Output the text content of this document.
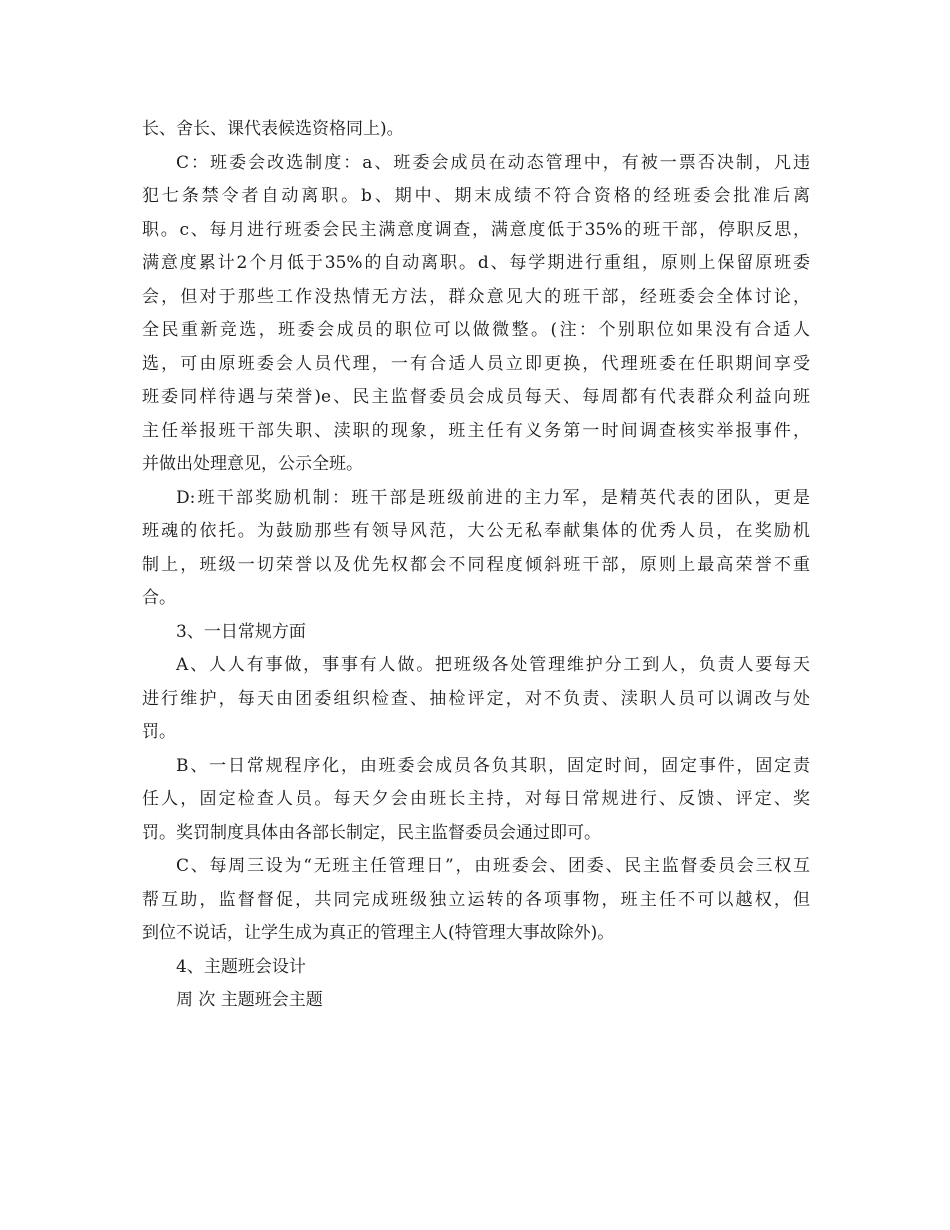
长、舍长、课代表候选资格同上)。
C：班委会改选制度：a、班委会成员在动态管理中，有被一票否决制，凡违
犯七条禁令者自动离职。b、期中、期末成绩不符合资格的经班委会批准后离
职。c、每月进行班委会民主满意度调查，满意度低于35%的班干部，停职反思，
满意度累计2个月低于35%的自动离职。d、每学期进行重组，原则上保留原班委
会，但对于那些工作没热情无方法，群众意见大的班干部，经班委会全体讨论，
全民重新竞选，班委会成员的职位可以做微整。(注：个别职位如果没有合适人
选，可由原班委会人员代理，一有合适人员立即更换，代理班委在任职期间享受
班委同样待遇与荣誉)e、民主监督委员会成员每天、每周都有代表群众利益向班
主任举报班干部失职、渎职的现象，班主任有义务第一时间调查核实举报事件，
并做出处理意见，公示全班。
D:班干部奖励机制：班干部是班级前进的主力军，是精英代表的团队，更是
班魂的依托。为鼓励那些有领导风范，大公无私奉献集体的优秀人员，在奖励机
制上，班级一切荣誉以及优先权都会不同程度倾斜班干部，原则上最高荣誉不重
合。
3、一日常规方面
A、人人有事做，事事有人做。把班级各处管理维护分工到人，负责人要每天
进行维护，每天由团委组织检查、抽检评定，对不负责、渎职人员可以调改与处
罚。
B、一日常规程序化，由班委会成员各负其职，固定时间，固定事件，固定责
任人，固定检查人员。每天夕会由班长主持，对每日常规进行、反馈、评定、奖
罚。奖罚制度具体由各部长制定，民主监督委员会通过即可。
C、每周三设为“无班主任管理日”，由班委会、团委、民主监督委员会三权互
帮互助，监督督促，共同完成班级独立运转的各项事物，班主任不可以越权，但
到位不说话，让学生成为真正的管理主人(特管理大事故除外)。
4、主题班会设计
周 次 主题班会主题
